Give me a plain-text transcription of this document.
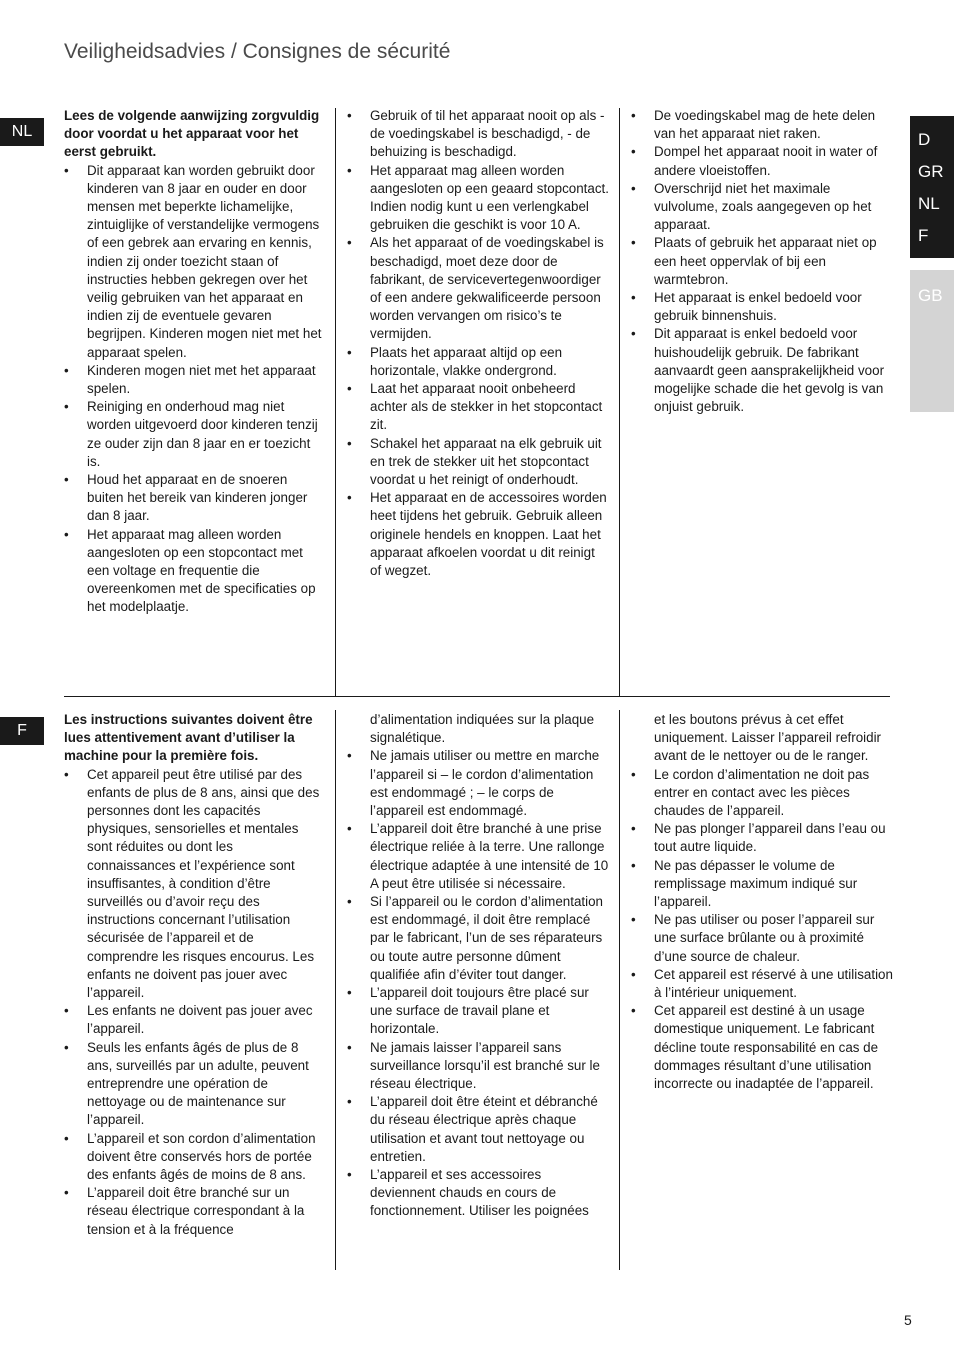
Veiligheidsadvies / Consignes de sécurité
NL
F
D
GR
NL
F
GB

Lees de volgende aanwijzing zorgvuldig door voordat u het apparaat voor het eerst gebruikt.

• Dit apparaat kan worden gebruikt door kinderen van 8 jaar en ouder en door mensen met beperkte lichamelijke, zintuiglijke of verstandelijke vermogens of een gebrek aan ervaring en kennis, indien zij onder toezicht staan of instructies hebben gekregen over het veilig gebruiken van het apparaat en indien zij de eventuele gevaren begrijpen. Kinderen mogen niet met het apparaat spelen.
• Kinderen mogen niet met het apparaat spelen.
• Reiniging en onderhoud mag niet worden uitgevoerd door kinderen tenzij ze ouder zijn dan 8 jaar en er toezicht is.
• Houd het apparaat en de snoeren buiten het bereik van kinderen jonger dan 8 jaar.
• Het apparaat mag alleen worden aangesloten op een stopcontact met een voltage en frequentie die overeenkomen met de specificaties op het modelplaatje.
• Gebruik of til het apparaat nooit op als - de voedingskabel is beschadigd, - de behuizing is beschadigd.
• Het apparaat mag alleen worden aangesloten op een geaard stopcontact. Indien nodig kunt u een verlengkabel gebruiken die geschikt is voor 10 A.
• Als het apparaat of de voedingskabel is beschadigd, moet deze door de fabrikant, de servicevertegenwoordiger of een andere gekwalificeerde persoon worden vervangen om risico’s te vermijden.
• Plaats het apparaat altijd op een horizontale, vlakke ondergrond.
• Laat het apparaat nooit onbeheerd achter als de stekker in het stopcontact zit.
• Schakel het apparaat na elk gebruik uit en trek de stekker uit het stopcontact voordat u het reinigt of onderhoudt.
• Het apparaat en de accessoires worden heet tijdens het gebruik. Gebruik alleen originele hendels en knoppen. Laat het apparaat afkoelen voordat u dit reinigt of wegzet.
• De voedingskabel mag de hete delen van het apparaat niet raken.
• Dompel het apparaat nooit in water of andere vloeistoffen.
• Overschrijd niet het maximale vulvolume, zoals aangegeven op het apparaat.
• Plaats of gebruik het apparaat niet op een heet oppervlak of bij een warmtebron.
• Het apparaat is enkel bedoeld voor gebruik binnenshuis.
• Dit apparaat is enkel bedoeld voor huishoudelijk gebruik. De fabrikant aanvaardt geen aansprakelijkheid voor mogelijke schade die het gevolg is van onjuist gebruik.

Les instructions suivantes doivent être lues attentivement avant d’utiliser la machine pour la première fois.

• Cet appareil peut être utilisé par des enfants de plus de 8 ans, ainsi que des personnes dont les capacités physiques, sensorielles et mentales sont réduites ou dont les connaissances et l’expérience sont insuffisantes, à condition d’être surveillés ou d’avoir reçu des instructions concernant l’utilisation sécurisée de l’appareil et de comprendre les risques encourus. Les enfants ne doivent pas jouer avec l’appareil.
• Les enfants ne doivent pas jouer avec l’appareil.
• Seuls les enfants âgés de plus de 8 ans, surveillés par un adulte, peuvent entreprendre une opération de nettoyage ou de maintenance sur l’appareil.
• L’appareil et son cordon d’alimentation doivent être conservés hors de portée des enfants âgés de moins de 8 ans.
• L’appareil doit être branché sur un réseau électrique correspondant à la tension et à la fréquence

d’alimentation indiquées sur la plaque signalétique.

• Ne jamais utiliser ou mettre en marche l’appareil si – le cordon d’alimentation est endommagé ; – le corps de l’appareil est endommagé.
• L’appareil doit être branché à une prise électrique reliée à la terre. Une rallonge électrique adaptée à une intensité de 10 A peut être utilisée si nécessaire.
• Si l’appareil ou le cordon d’alimentation est endommagé, il doit être remplacé par le fabricant, l’un de ses réparateurs ou toute autre personne dûment qualifiée afin d’éviter tout danger.
• L’appareil doit toujours être placé sur une surface de travail plane et horizontale.
• Ne jamais laisser l’appareil sans surveillance lorsqu’il est branché sur le réseau électrique.
• L’appareil doit être éteint et débranché du réseau électrique après chaque utilisation et avant tout nettoyage ou entretien.
• L’appareil et ses accessoires deviennent chauds en cours de fonctionnement. Utiliser les poignées

et les boutons prévus à cet effet uniquement. Laisser l’appareil refroidir avant de le nettoyer ou de le ranger.

• Le cordon d’alimentation ne doit pas entrer en contact avec les pièces chaudes de l’appareil.
• Ne pas plonger l’appareil dans l’eau ou tout autre liquide.
• Ne pas dépasser le volume de remplissage maximum indiqué sur l’appareil.
• Ne pas utiliser ou poser l’appareil sur une surface brûlante ou à proximité d’une source de chaleur.
• Cet appareil est réservé à une utilisation à l’intérieur uniquement.
• Cet appareil est destiné à un usage domestique uniquement. Le fabricant décline toute responsabilité en cas de dommages résultant d’une utilisation incorrecte ou inadaptée de l’appareil.
5
